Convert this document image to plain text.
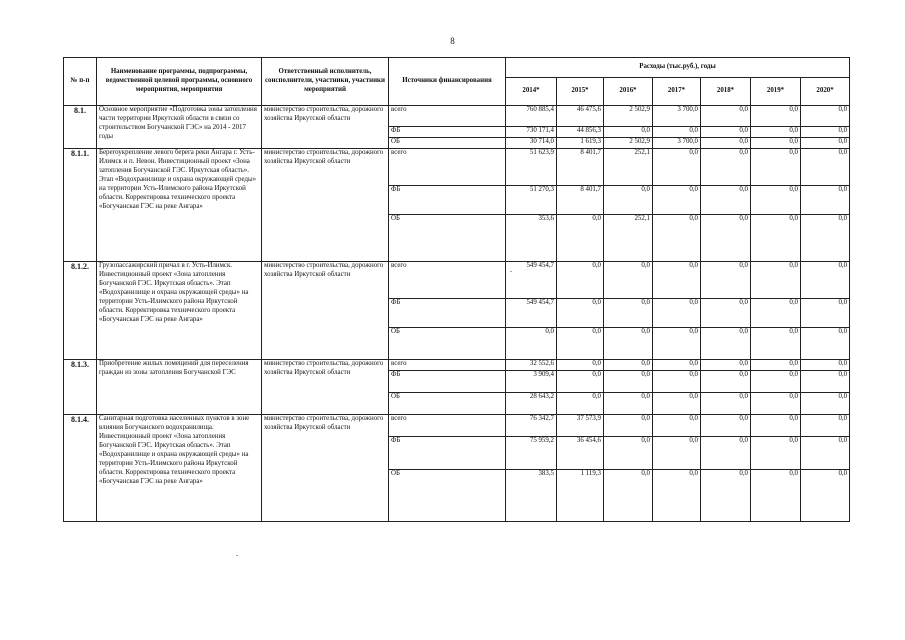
8
№ п-п	Наименование программы, подпрограммы, ведомственной целевой программы, основного мероприятия, мероприятия	Ответственный исполнитель, соисполнители, участники, участники мероприятий	Источники финансирования	Расходы (тыс.руб.), годы						
				2014*	2015*	2016*	2017*	2018*	2019*	2020*
8.1.	Основное мероприятие «Подготовка зоны затопления части территории Иркутской области в связи со строительством Богучанской ГЭС» на 2014 - 2017 годы	министерство строительства, дорожного хозяйства Иркутской области	всего	760 885,4	46 475,6	2 502,9	3 700,0	0,0	0,0	0,0
			ФБ	730 171,4	44 856,3	0,0	0,0	0,0	0,0	0,0
			ОБ	30 714,0	1 619,3	2 502,9	3 700,0	0,0	0,0	0,0
8.1.1.	Берегоукрепление левого берега реки Ангара г. Усть-Илимск и п. Невон. Инвестиционный проект «Зона затопления Богучанской ГЭС. Иркутская область». Этап «Водохранилище и охрана окружающей среды» на территории Усть-Илимского района Иркутской области. Корректировка технического проекта «Богучанская ГЭС на реке Ангара»	министерство строительства, дорожного хозяйства Иркутской области	всего	51 623,9	8 401,7	252,1	0,0	0,0	0,0	0,0
			ФБ	51 270,3	8 401,7	0,0	0,0	0,0	0,0	0,0
			ОБ	353,6	0,0	252,1	0,0	0,0	0,0	0,0
8.1.2.	Грузопассажирский причал в г. Усть-Илимск. Инвестиционный проект «Зона затопления Богучанской ГЭС. Иркутская область». Этап «Водохранилище и охрана окружающей среды» на территории Усть-Илимского района Иркутской области. Корректировка технического проекта «Богучанская ГЭС на реке Ангара»	министерство строительства, дорожного хозяйства Иркутской области	всего	549 454,7	0,0	0,0	0,0	0,0	0,0	0,0
			ФБ	549 454,7	0,0	0,0	0,0	0,0	0,0	0,0
			ОБ	0,0	0,0	0,0	0,0	0,0	0,0	0,0
8.1.3.	Приобретение жилых помещений для переселения граждан из зоны затопления Богучанской ГЭС	министерство строительства, дорожного хозяйства Иркутской области	всего	32 552,6	0,0	0,0	0,0	0,0	0,0	0,0
			ФБ	3 909,4	0,0	0,0	0,0	0,0	0,0	0,0
			ОБ	28 643,2	0,0	0,0	0,0	0,0	0,0	0,0
8.1.4.	Санитарная подготовка населенных пунктов в зоне влияния Богучанского водохранилища. Инвестиционный проект «Зона затопления Богучанской ГЭС. Иркутская область». Этап «Водохранилище и охрана окружающей среды» на территории Усть-Илимского района Иркутской области. Корректировка технического проекта «Богучанская ГЭС на реке Ангара»	министерство строительства, дорожного хозяйства Иркутской области	всего	76 342,7	37 573,9	0,0	0,0	0,0	0,0	0,0
			ФБ	75 959,2	36 454,6	0,0	0,0	0,0	0,0	0,0
			ОБ	383,5	1 119,3	0,0	0,0	0,0	0,0	0,0
.
.
